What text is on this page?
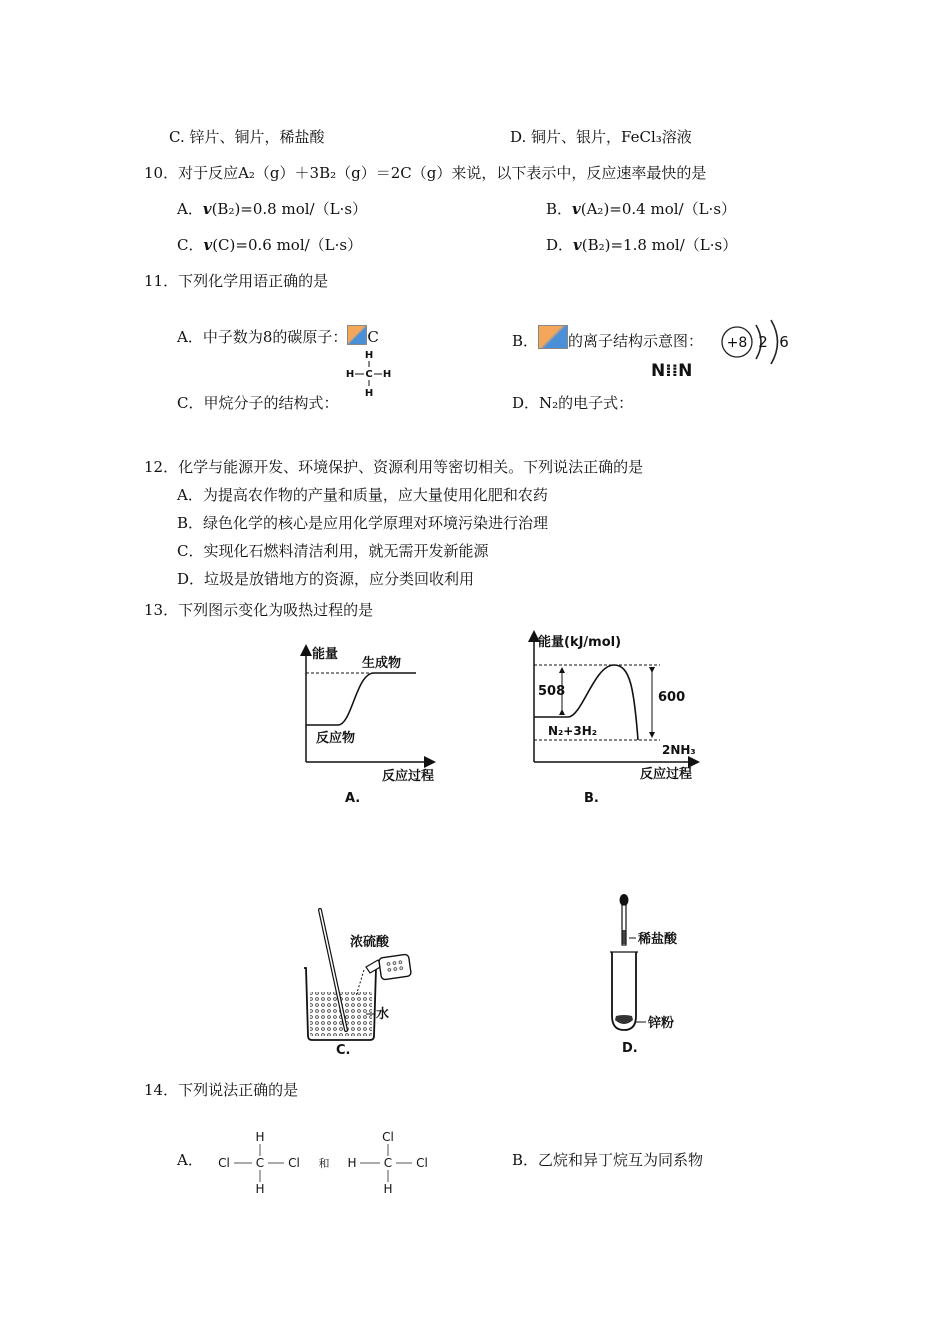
C. 锌片、铜片，稀盐酸	D. 铜片、银片，FeCl₃溶液
10．对于反应A₂（g）＋3B₂（g）＝2C（g）来说，以下表示中，反应速率最快的是
A．v(B₂)=0.8 mol/（L·s）	B．v(A₂)=0.4 mol/（L·s）
C．v(C)=0.6 mol/（L·s）	D．v(B₂)=1.8 mol/（L·s）
11．下列化学用语正确的是
A．中子数为8的碳原子： C	B． 的离子结构示意图： +8 2 6
H
H C H
H
N⁞⁞N
C．甲烷分子的结构式：	D．N₂的电子式：
12．化学与能源开发、环境保护、资源利用等密切相关。下列说法正确的是
A．为提高农作物的产量和质量，应大量使用化肥和农药
B．绿色化学的核心是应用化学原理对环境污染进行治理
C．实现化石燃料清洁利用，就无需开发新能源
D．垃圾是放错地方的资源，应分类回收利用
13．下列图示变化为吸热过程的是
能量
生成物
反应物
反应过程
A.
能量(kJ/mol)
508	600
N₂+3H₂
2NH₃
反应过程
B.
浓硫酸
水
C.
稀盐酸
锌粉
D.
14．下列说法正确的是
A．
H
Cl C Cl
H
和
Cl
H C Cl
H
B．乙烷和异丁烷互为同系物
